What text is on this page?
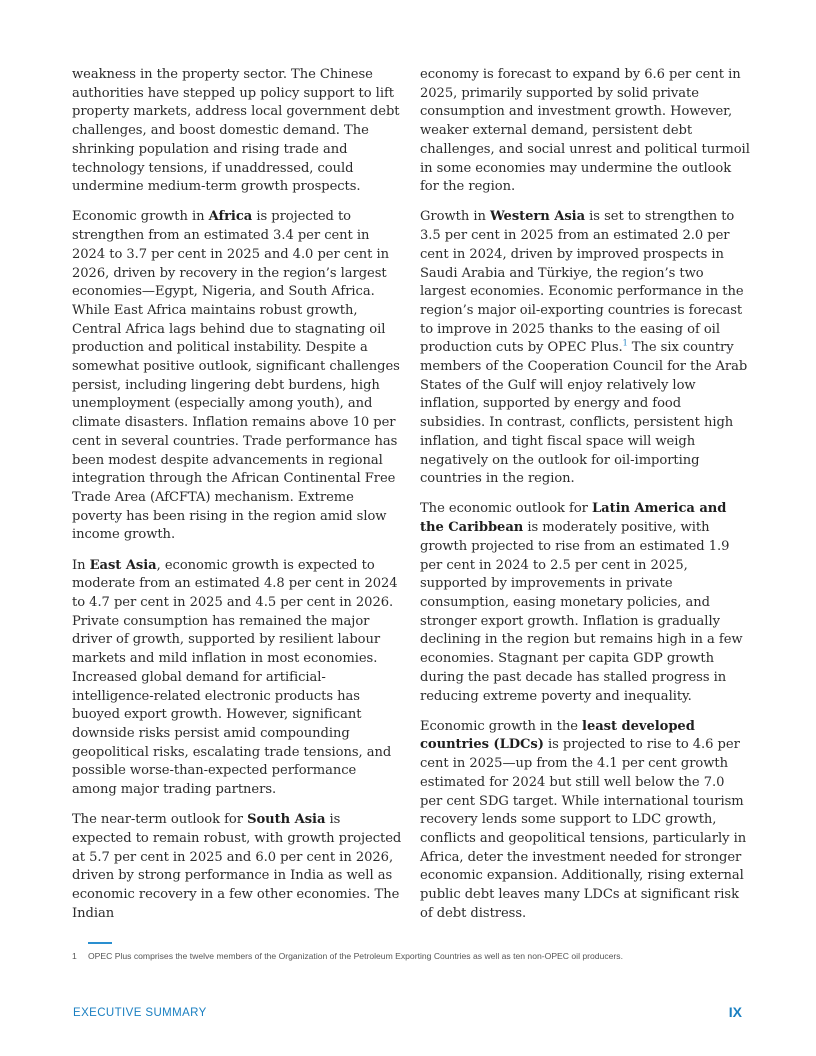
weakness in the property sector. The Chinese authorities have stepped up policy support to lift property markets, address local government debt challenges, and boost domestic demand. The shrinking population and rising trade and technology tensions, if unaddressed, could undermine medium-term growth prospects.

Economic growth in Africa is projected to strengthen from an estimated 3.4 per cent in 2024 to 3.7 per cent in 2025 and 4.0 per cent in 2026, driven by recovery in the region’s largest economies—Egypt, Nigeria, and South Africa. While East Africa maintains robust growth, Central Africa lags behind due to stagnating oil production and political instability. Despite a somewhat positive outlook, significant challenges persist, including lingering debt burdens, high unemployment (especially among youth), and climate disasters. Inflation remains above 10 per cent in several countries. Trade performance has been modest despite advancements in regional integration through the African Continental Free Trade Area (AfCFTA) mechanism. Extreme poverty has been rising in the region amid slow income growth.

In East Asia, economic growth is expected to moderate from an estimated 4.8 per cent in 2024 to 4.7 per cent in 2025 and 4.5 per cent in 2026. Private consumption has remained the major driver of growth, supported by resilient labour markets and mild inflation in most economies. Increased global demand for artificial-intelligence-related electronic products has buoyed export growth. However, significant downside risks persist amid compounding geopolitical risks, escalating trade tensions, and possible worse-than-expected performance among major trading partners.

The near-term outlook for South Asia is expected to remain robust, with growth projected at 5.7 per cent in 2025 and 6.0 per cent in 2026, driven by strong performance in India as well as economic recovery in a few other economies. The Indian

economy is forecast to expand by 6.6 per cent in 2025, primarily supported by solid private consumption and investment growth. However, weaker external demand, persistent debt challenges, and social unrest and political turmoil in some economies may undermine the outlook for the region.

Growth in Western Asia is set to strengthen to 3.5 per cent in 2025 from an estimated 2.0 per cent in 2024, driven by improved prospects in Saudi Arabia and Türkiye, the region’s two largest economies. Economic performance in the region’s major oil-exporting countries is forecast to improve in 2025 thanks to the easing of oil production cuts by OPEC Plus.$^1$ The six country members of the Cooperation Council for the Arab States of the Gulf will enjoy relatively low inflation, supported by energy and food subsidies. In contrast, conflicts, persistent high inflation, and tight fiscal space will weigh negatively on the outlook for oil-importing countries in the region.

The economic outlook for Latin America and the Caribbean is moderately positive, with growth projected to rise from an estimated 1.9 per cent in 2024 to 2.5 per cent in 2025, supported by improvements in private consumption, easing monetary policies, and stronger export growth. Inflation is gradually declining in the region but remains high in a few economies. Stagnant per capita GDP growth during the past decade has stalled progress in reducing extreme poverty and inequality.

Economic growth in the least developed countries (LDCs) is projected to rise to 4.6 per cent in 2025—up from the 4.1 per cent growth estimated for 2024 but still well below the 7.0 per cent SDG target. While international tourism recovery lends some support to LDC growth, conflicts and geopolitical tensions, particularly in Africa, deter the investment needed for stronger economic expansion. Additionally, rising external public debt leaves many LDCs at significant risk of debt distress.

1 OPEC Plus comprises the twelve members of the Organization of the Petroleum Exporting Countries as well as ten non-OPEC oil producers.
EXECUTIVE SUMMARY	IX
